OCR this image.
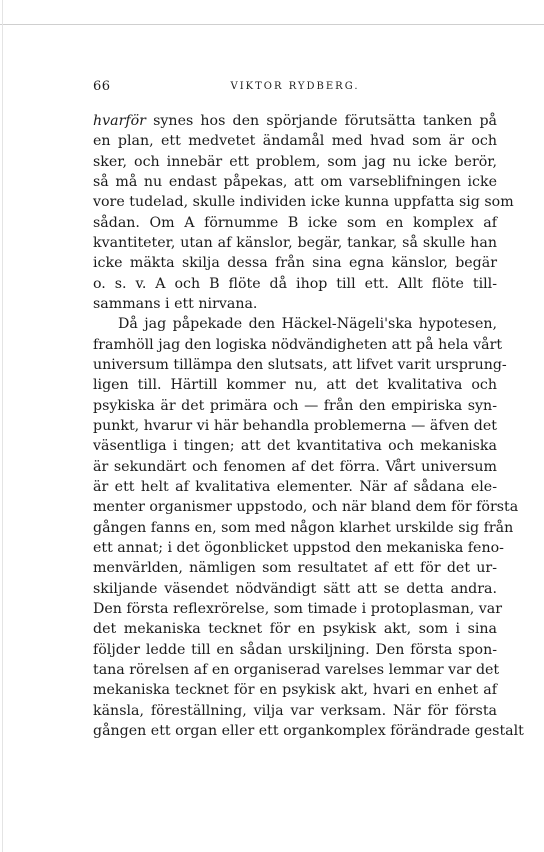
66	VIKTOR RYDBERG.
hvarför synes hos den spörjande förutsätta tanken på
en plan, ett medvetet ändamål med hvad som är och
sker, och innebär ett problem, som jag nu icke berör,
så må nu endast påpekas, att om varseblifningen icke
vore tudelad, skulle individen icke kunna uppfatta sig som
sådan. Om A förnumme B icke som en komplex af
kvantiteter, utan af känslor, begär, tankar, så skulle han
icke mäkta skilja dessa från sina egna känslor, begär
o. s. v. A och B flöte då ihop till ett. Allt flöte till-
sammans i ett nirvana.
Då jag påpekade den Häckel-Nägeli'ska hypotesen,
framhöll jag den logiska nödvändigheten att på hela vårt
universum tillämpa den slutsats, att lifvet varit ursprung-
ligen till. Härtill kommer nu, att det kvalitativa och
psykiska är det primära och — från den empiriska syn-
punkt, hvarur vi här behandla problemerna — äfven det
väsentliga i tingen; att det kvantitativa och mekaniska
är sekundärt och fenomen af det förra. Vårt universum
är ett helt af kvalitativa elementer. När af sådana ele-
menter organismer uppstodo, och när bland dem för första
gången fanns en, som med någon klarhet urskilde sig från
ett annat; i det ögonblicket uppstod den mekaniska feno-
menvärlden, nämligen som resultatet af ett för det ur-
skiljande väsendet nödvändigt sätt att se detta andra.
Den första reflexrörelse, som timade i protoplasman, var
det mekaniska tecknet för en psykisk akt, som i sina
följder ledde till en sådan urskiljning. Den första spon-
tana rörelsen af en organiserad varelses lemmar var det
mekaniska tecknet för en psykisk akt, hvari en enhet af
känsla, föreställning, vilja var verksam. När för första
gången ett organ eller ett organkomplex förändrade gestalt
